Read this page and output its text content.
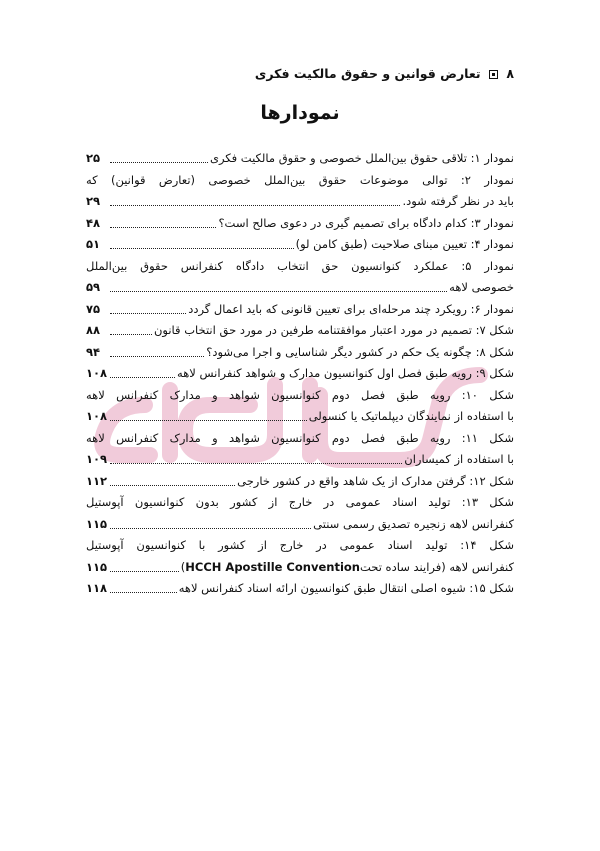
۸  تعارض قوانین و حقوق مالکیت فکری
نمودارها
نمودار ۱: تلاقی حقوق بین‌الملل خصوصی و حقوق مالکیت فکری
۲۵
نمودار ۲: توالی موضوعات حقوق بین‌الملل خصوصی (تعارض قوانین) که
باید در نظر گرفته شود.
۲۹
نمودار ۳: کدام دادگاه برای تصمیم گیری در دعوی صالح است؟
۴۸
نمودار ۴: تعیین مبنای صلاحیت (طبق کامن لو)
۵۱
نمودار ۵: عملکرد کنوانسیون حق انتخاب دادگاه کنفرانس حقوق بین‌الملل
خصوصی لاهه
۵۹
نمودار ۶: رویکرد چند مرحله‌ای برای تعیین قانونی که باید اعمال گردد
۷۵
شکل ۷: تصمیم در مورد اعتبار موافقتنامه طرفین در مورد حق انتخاب قانون
۸۸
شکل ۸: چگونه یک حکم در کشور دیگر شناسایی و اجرا می‌شود؟
۹۴
شکل ۹: رویه طبق فصل اول کنوانسیون مدارک و شواهد کنفرانس لاهه
۱۰۸
شکل ۱۰: رویه طبق فصل دوم کنوانسیون شواهد و مدارک کنفرانس لاهه
با استفاده از نمایندگان دیپلماتیک یا کنسولی
۱۰۸
شکل ۱۱: رویه طبق فصل دوم کنوانسیون شواهد و مدارک کنفرانس لاهه
با استفاده از کمیساران
۱۰۹
شکل ۱۲: گرفتن مدارک از یک شاهد واقع در کشور خارجی
۱۱۲
شکل ۱۳: تولید اسناد عمومی در خارج از کشور بدون کنوانسیون آپوستیل
کنفرانس لاهه زنجیره تصدیق رسمی سنتی
۱۱۵
شکل ۱۴: تولید اسناد عمومی در خارج از کشور با کنوانسیون آپوستیل
کنفرانس لاهه (فرایند ساده تحت
HCCH Apostille Convention
)
۱۱۵
شکل ۱۵: شیوه اصلی انتقال طبق کنوانسیون ارائه اسناد کنفرانس لاهه
۱۱۸
